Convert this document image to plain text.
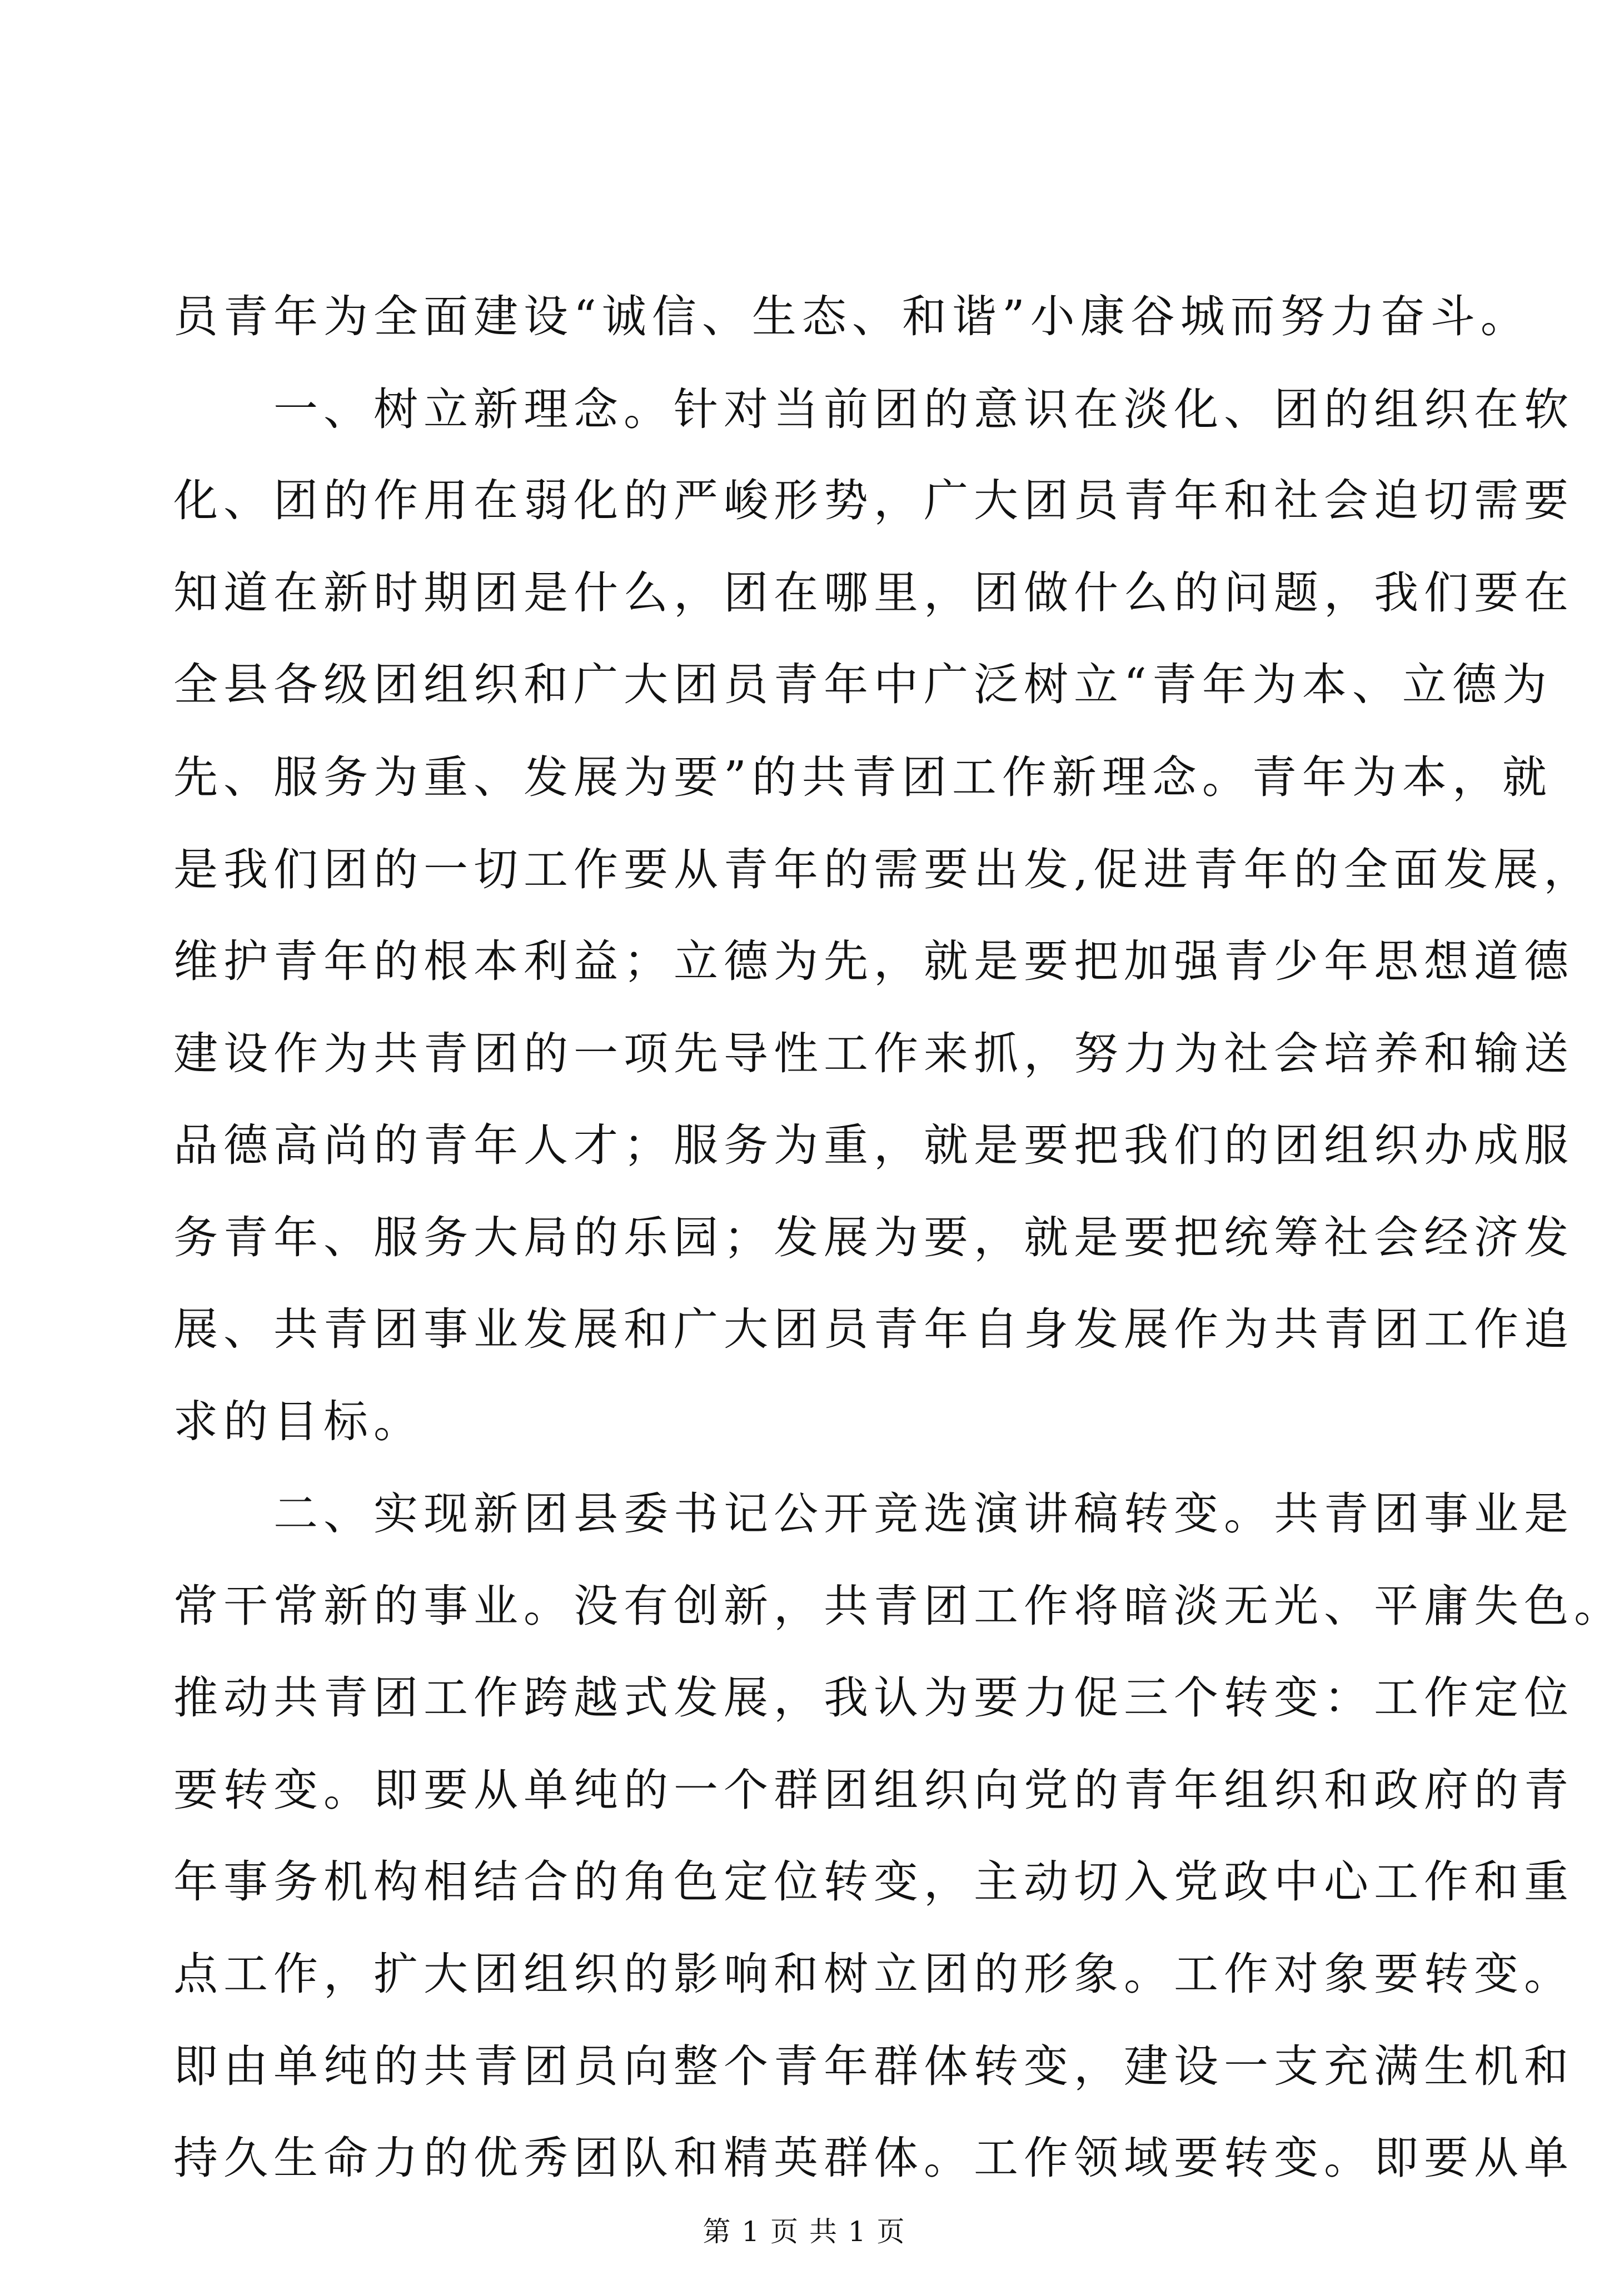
员青年为全面建设“诚信、生态、和谐”小康谷城而努力奋斗。
　　一、树立新理念。针对当前团的意识在淡化、团的组织在软
化、团的作用在弱化的严峻形势，广大团员青年和社会迫切需要
知道在新时期团是什么，团在哪里，团做什么的问题，我们要在
全县各级团组织和广大团员青年中广泛树立“青年为本、立德为
先、服务为重、发展为要”的共青团工作新理念。青年为本，就
是我们团的一切工作要从青年的需要出发,促进青年的全面发展，
维护青年的根本利益；立德为先，就是要把加强青少年思想道德
建设作为共青团的一项先导性工作来抓，努力为社会培养和输送
品德高尚的青年人才；服务为重，就是要把我们的团组织办成服
务青年、服务大局的乐园；发展为要，就是要把统筹社会经济发
展、共青团事业发展和广大团员青年自身发展作为共青团工作追
求的目标。
　　二、实现新团县委书记公开竞选演讲稿转变。共青团事业是
常干常新的事业。没有创新，共青团工作将暗淡无光、平庸失色。
推动共青团工作跨越式发展，我认为要力促三个转变：工作定位
要转变。即要从单纯的一个群团组织向党的青年组织和政府的青
年事务机构相结合的角色定位转变，主动切入党政中心工作和重
点工作，扩大团组织的影响和树立团的形象。工作对象要转变。
即由单纯的共青团员向整个青年群体转变，建设一支充满生机和
持久生命力的优秀团队和精英群体。工作领域要转变。即要从单
第 1 页 共 1 页
